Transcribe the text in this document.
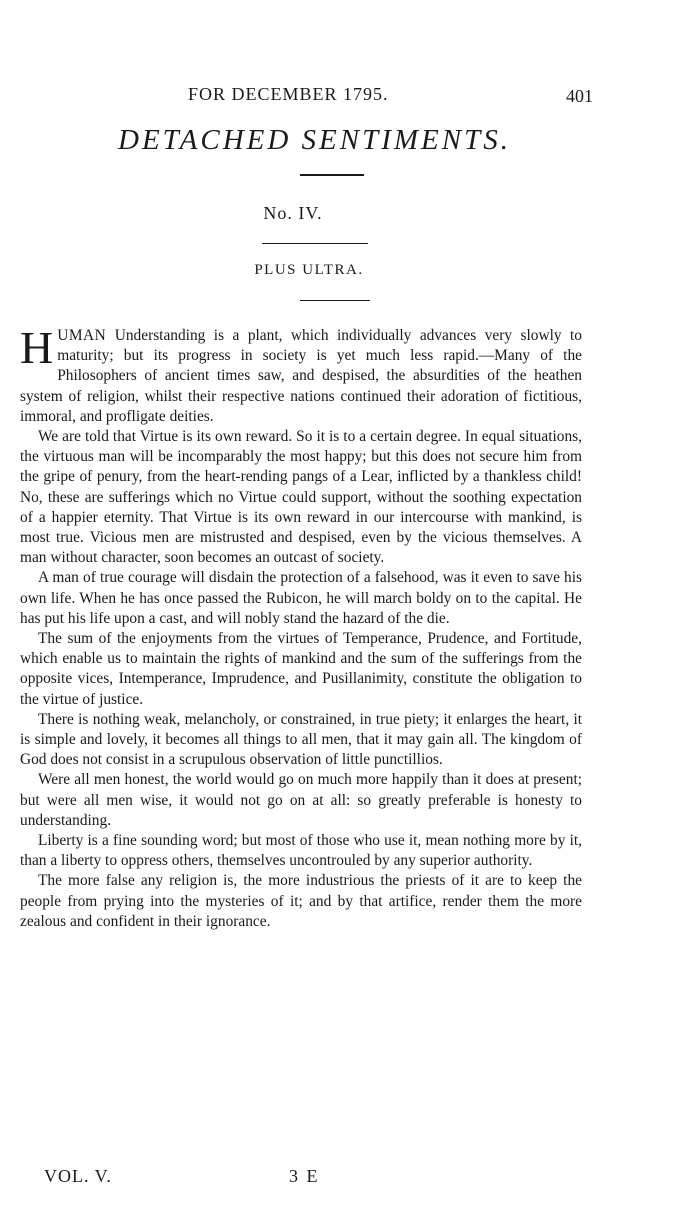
FOR DECEMBER 1795.	401
DETACHED SENTIMENTS.
No. IV.
PLUS ULTRA.

HUMAN Understanding is a plant, which individually advances very slowly to maturity; but its progress in society is yet much less rapid.—Many of the Philosophers of ancient times saw, and despised, the absurdities of the heathen system of religion, whilst their respective nations continued their adoration of fictitious, immoral, and profligate deities.

We are told that Virtue is its own reward. So it is to a certain degree. In equal situations, the virtuous man will be incomparably the most happy; but this does not secure him from the gripe of penury, from the heart-rending pangs of a Lear, inflicted by a thankless child! No, these are sufferings which no Virtue could support, without the soothing expectation of a happier eternity. That Virtue is its own reward in our intercourse with mankind, is most true. Vicious men are mistrusted and despised, even by the vicious themselves. A man without character, soon becomes an outcast of society.

A man of true courage will disdain the protection of a falsehood, was it even to save his own life. When he has once passed the Rubicon, he will march boldy on to the capital. He has put his life upon a cast, and will nobly stand the hazard of the die.

The sum of the enjoyments from the virtues of Temperance, Prudence, and Fortitude, which enable us to maintain the rights of mankind and the sum of the sufferings from the opposite vices, Intemperance, Imprudence, and Pusillanimity, constitute the obligation to the virtue of justice.

There is nothing weak, melancholy, or constrained, in true piety; it enlarges the heart, it is simple and lovely, it becomes all things to all men, that it may gain all. The kingdom of God does not consist in a scrupulous observation of little punctillios.

Were all men honest, the world would go on much more happily than it does at present; but were all men wise, it would not go on at all: so greatly preferable is honesty to understanding.

Liberty is a fine sounding word; but most of those who use it, mean nothing more by it, than a liberty to oppress others, themselves uncontrouled by any superior authority.

The more false any religion is, the more industrious the priests of it are to keep the people from prying into the mysteries of it; and by that artifice, render them the more zealous and confident in their ignorance.

VOL. V.	3 E
